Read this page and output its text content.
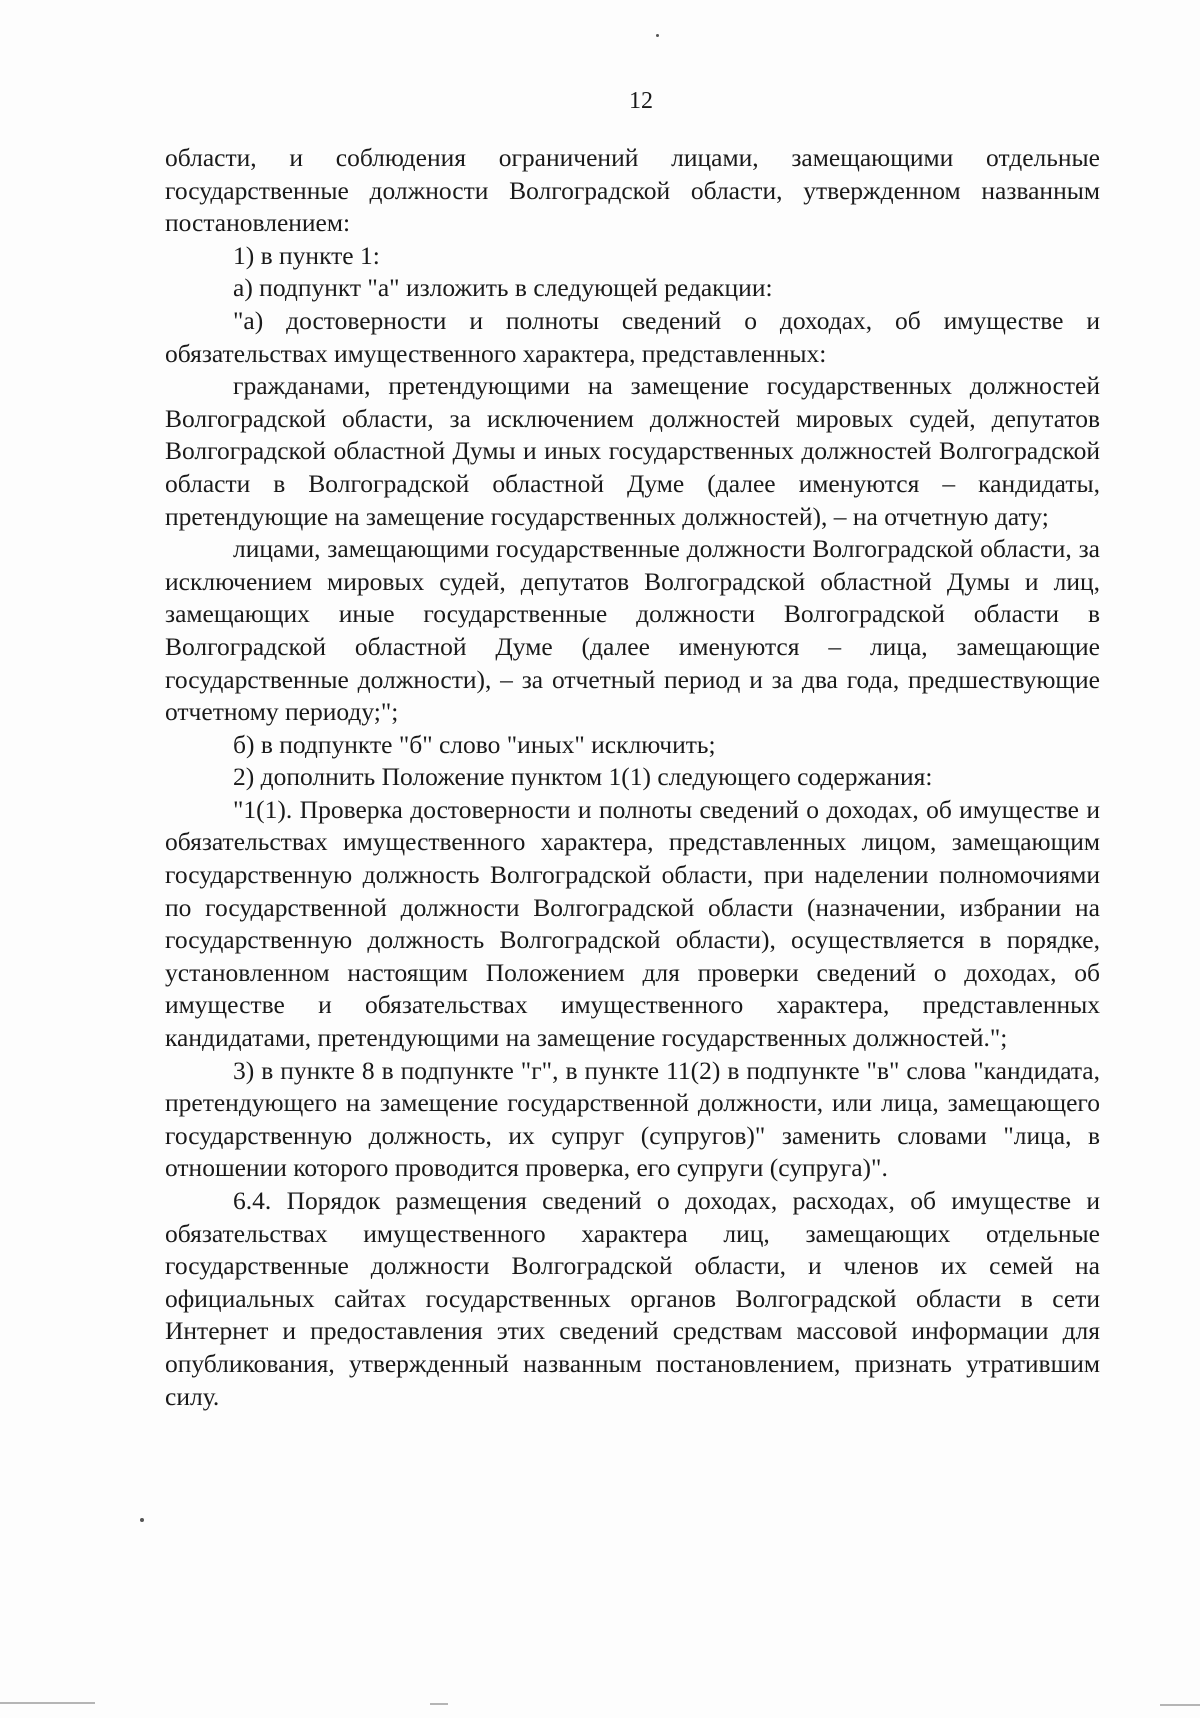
12

области, и соблюдения ограничений лицами, замещающими отдельные государственные должности Волгоградской области, утвержденном названным постановлением:

1) в пункте 1:

а) подпункт "а" изложить в следующей редакции:

"а) достоверности и полноты сведений о доходах, об имуществе и обязательствах имущественного характера, представленных:

гражданами, претендующими на замещение государственных должностей Волгоградской области, за исключением должностей мировых судей, депутатов Волгоградской областной Думы и иных государственных должностей Волгоградской области в Волгоградской областной Думе (далее именуются – кандидаты, претендующие на замещение государственных должностей), – на отчетную дату;

лицами, замещающими государственные должности Волгоградской области, за исключением мировых судей, депутатов Волгоградской областной Думы и лиц, замещающих иные государственные должности Волгоградской области в Волгоградской областной Думе (далее именуются – лица, замещающие государственные должности), – за отчетный период и за два года, предшествующие отчетному периоду;";

б) в подпункте "б" слово "иных" исключить;

2) дополнить Положение пунктом 1(1) следующего содержания:

"1(1). Проверка достоверности и полноты сведений о доходах, об имуществе и обязательствах имущественного характера, представленных лицом, замещающим государственную должность Волгоградской области, при наделении полномочиями по государственной должности Волгоградской области (назначении, избрании на государственную должность Волгоградской области), осуществляется в порядке, установленном настоящим Положением для проверки сведений о доходах, об имуществе и обязательствах имущественного характера, представленных кандидатами, претендующими на замещение государственных должностей.";

3) в пункте 8 в подпункте "г", в пункте 11(2) в подпункте "в" слова "кандидата, претендующего на замещение государственной должности, или лица, замещающего государственную должность, их супруг (супругов)" заменить словами "лица, в отношении которого проводится проверка, его супруги (супруга)".

6.4. Порядок размещения сведений о доходах, расходах, об имуществе и обязательствах имущественного характера лиц, замещающих отдельные государственные должности Волгоградской области, и членов их семей на официальных сайтах государственных органов Волгоградской области в сети Интернет и предоставления этих сведений средствам массовой информации для опубликования, утвержденный названным постановлением, признать утратившим силу.
